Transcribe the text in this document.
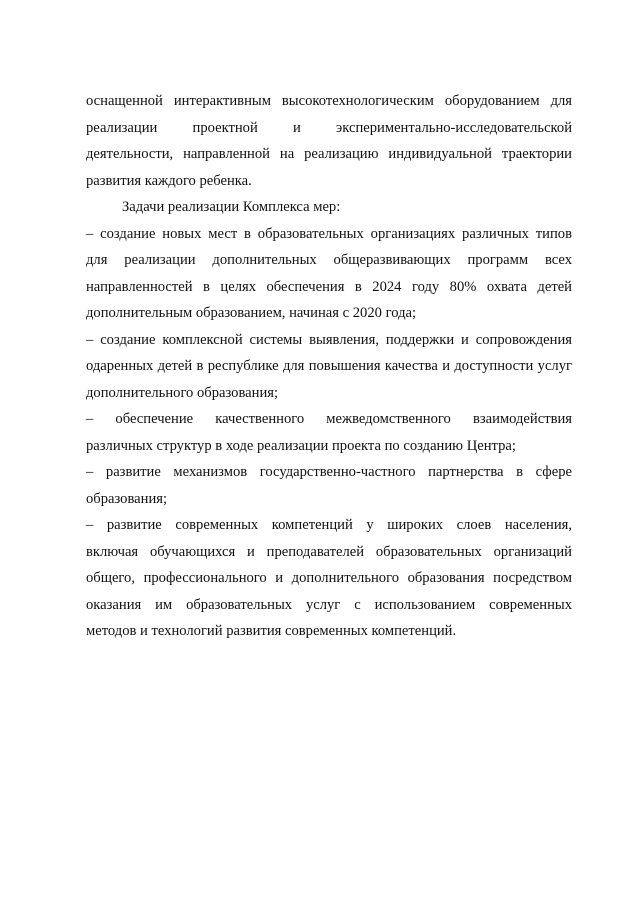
оснащенной интерактивным высокотехнологическим оборудованием для
реализации проектной и экспериментально-исследовательской
деятельности, направленной на реализацию индивидуальной траектории
развития каждого ребенка.
Задачи реализации Комплекса мер:
– создание новых мест в образовательных организациях различных типов
для реализации дополнительных общеразвивающих программ всех
направленностей в целях обеспечения в 2024 году 80% охвата детей
дополнительным образованием, начиная с 2020 года;
– создание комплексной системы выявления, поддержки и сопровождения
одаренных детей в республике для повышения качества и доступности услуг
дополнительного образования;
– обеспечение качественного межведомственного взаимодействия
различных структур в ходе реализации проекта по созданию Центра;
– развитие механизмов государственно-частного партнерства в сфере
образования;
– развитие современных компетенций у широких слоев населения,
включая обучающихся и преподавателей образовательных организаций
общего, профессионального и дополнительного образования посредством
оказания им образовательных услуг с использованием современных
методов и технологий развития современных компетенций.
